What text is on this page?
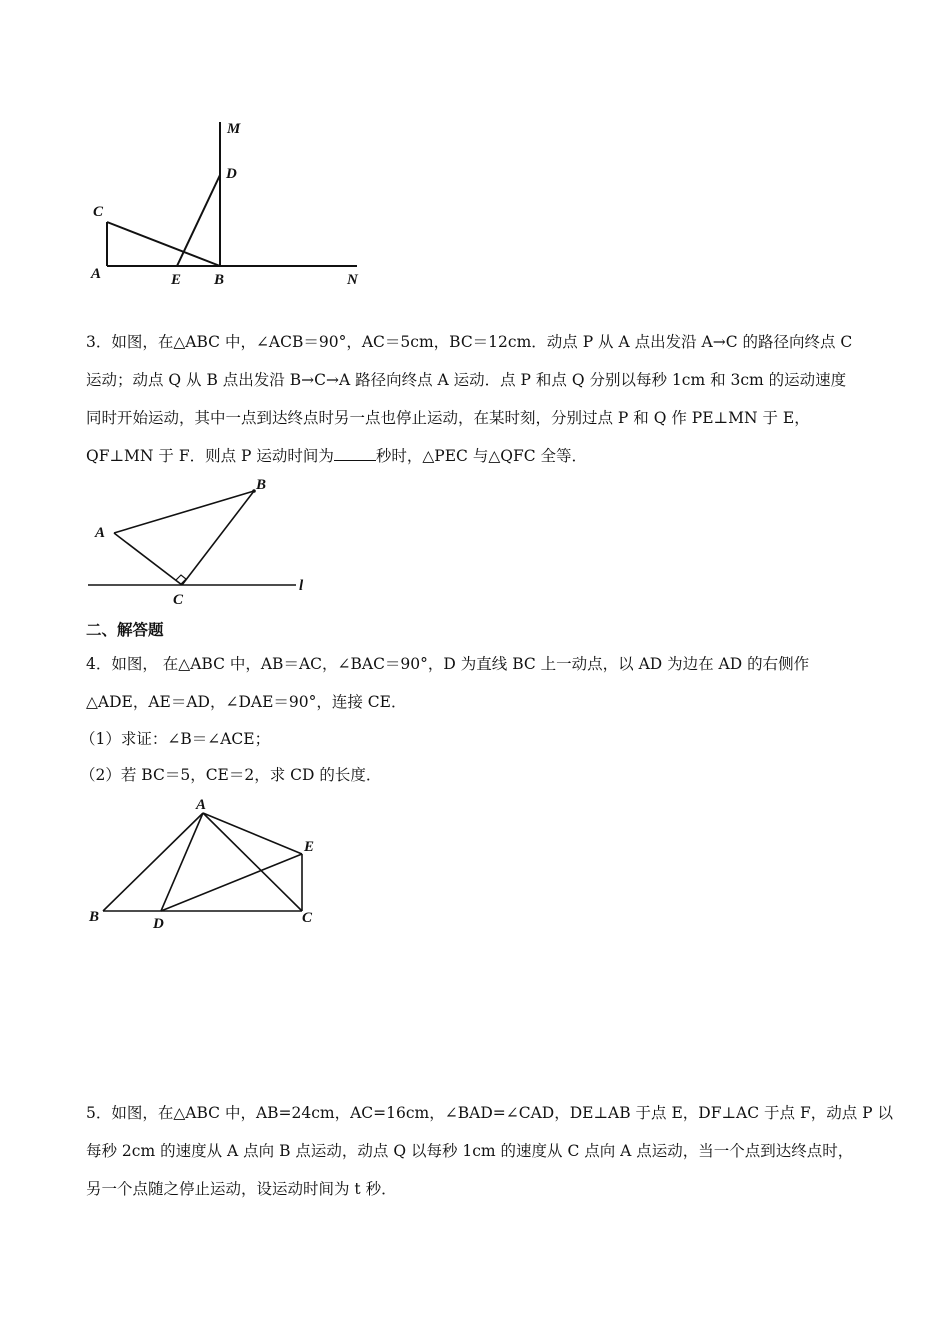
M
D
C
A	E B	N
3．如图，在△ABC 中，∠ACB＝90°，AC＝5cm，BC＝12cm．动点 P 从 A 点出发沿 A→C 的路径向终点 C
运动；动点 Q 从 B 点出发沿 B→C→A 路径向终点 A 运动．点 P 和点 Q 分别以每秒 1cm 和 3cm 的运动速度
同时开始运动，其中一点到达终点时另一点也停止运动，在某时刻，分别过点 P 和 Q 作 PE⊥MN 于 E，
QF⊥MN 于 F．则点 P 运动时间为	秒时，△PEC 与△QFC 全等．
A
B
C
l
二、解答题
4．如图， 在△ABC 中，AB＝AC，∠BAC＝90°，D 为直线 BC 上一动点，以 AD 为边在 AD 的右侧作
△ADE，AE＝AD，∠DAE＝90°，连接 CE．
（1）求证：∠B＝∠ACE；
（2）若 BC＝5，CE＝2，求 CD 的长度．
A
E
B	D	C
5．如图，在△ABC 中，AB=24cm，AC=16cm，∠BAD=∠CAD，DE⊥AB 于点 E，DF⊥AC 于点 F，动点 P 以
每秒 2cm 的速度从 A 点向 B 点运动，动点 Q 以每秒 1cm 的速度从 C 点向 A 点运动，当一个点到达终点时，
另一个点随之停止运动，设运动时间为 t 秒．
